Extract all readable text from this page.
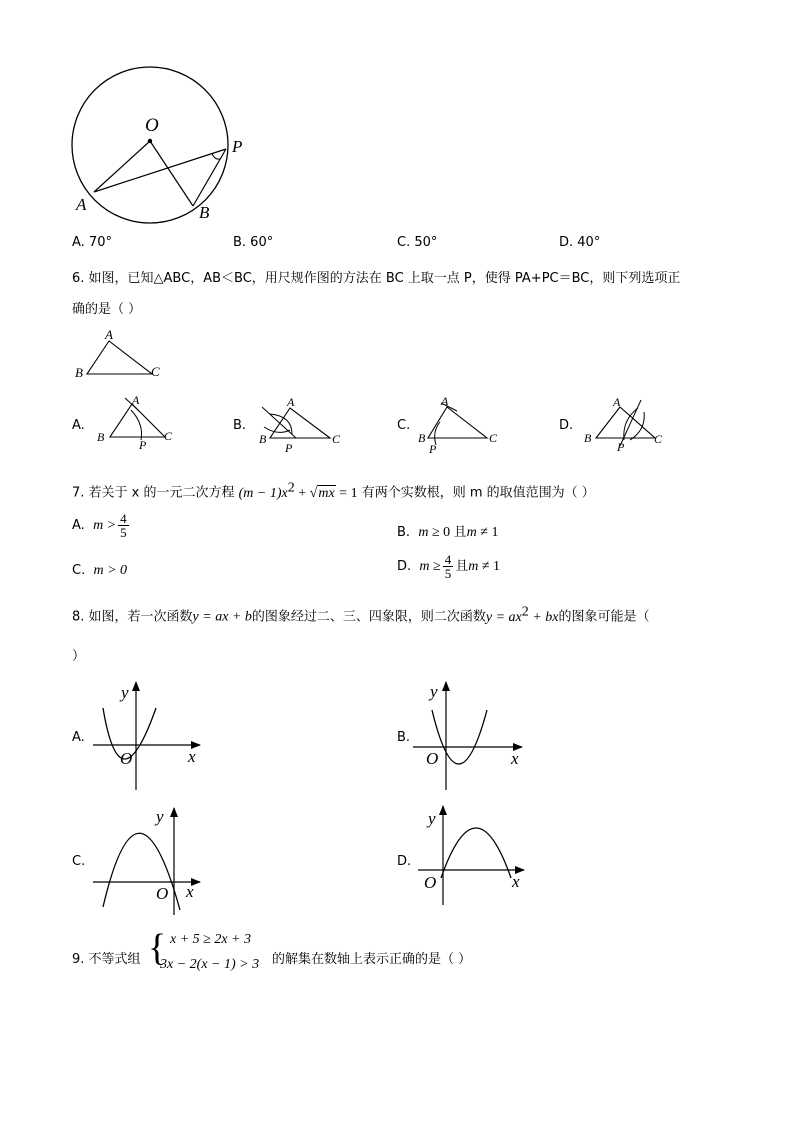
O
P
A	B
A. 70°	B. 60°	C. 50°	D. 40°
6. 如图，已知△ABC，AB＜BC，用尺规作图的方法在 BC 上取一点 P，使得 PA+PC＝BC，则下列选项正
确的是（ ）
A
B	C
A
B	C
P
A
B	C
P
A
B	C
P
A
B	C
P
A.	B.	C.	D.
7. 若关于 x 的一元二次方程 $(m - 1)x^2 + √mx = 1$ 有两个实数根，则 m 的取值范围为（ ）
A. $m > \frac{4}{5}$	B. m ≥ 0 且m ≠ 1
C. m > 0	D. $m \ge \frac{4}{5}$ 且m ≠ 1
8. 如图，若一次函数y = ax + b的图象经过二、三、四象限，则二次函数$y = ax^2$ + bx的图象可能是（
）
y
x
O
y
x
O
y
x
O
y
x
O
A.	B.
C.	D.
9. 不等式组 { x + 5 ≥ 2x + 3
3x − 2(x − 1) > 3 的解集在数轴上表示正确的是（ ）
